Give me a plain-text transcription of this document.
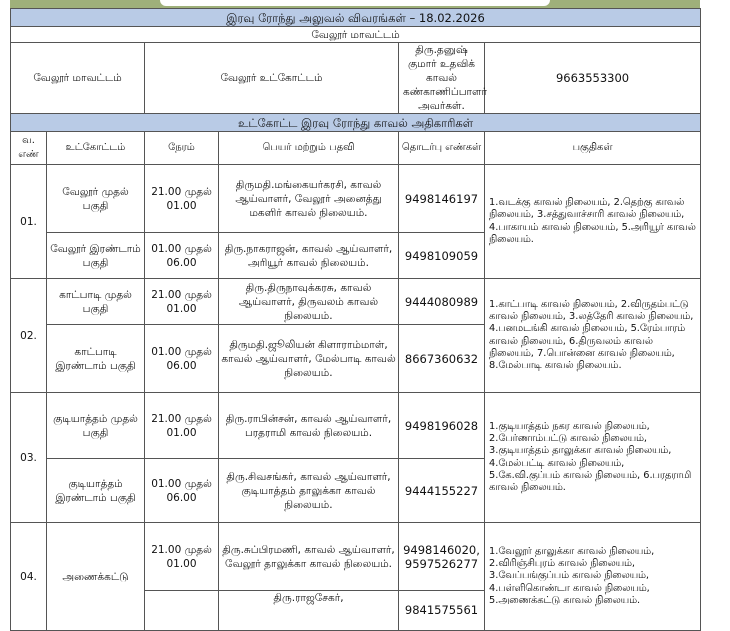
இரவு ரோந்து அலுவல் விவரங்கள் – 18.02.2026					
வேலூர் மாவட்டம்					
வேலூர் மாவட்டம்		வேலூர் உட்கோட்டம்		திரு.தனுஷ் குமார் உதவிக் காவல் கண்காணிப்பாளர் அவர்கள்.	9663553300
உட்கோட்ட இரவு ரோந்து காவல் அதிகாரிகள்					
வ. எண்	உட்கோட்டம்	நேரம்	பெயர் மற்றும் பதவி	தொடர்பு எண்கள்	பகுதிகள்
01.	வேலூர் முதல் பகுதி	21.00 முதல் 01.00	திருமதி.மங்கையர்கரசி, காவல் ஆய்வாளர், வேலூர் அனைத்து மகளிர் காவல் நிலையம்.	9498146197	1.வடக்கு காவல் நிலையம், 2.தெற்கு காவல் நிலையம், 3.சத்துவாச்சாரி காவல் நிலையம், 4.பாகாயம் காவல் நிலையம், 5.அரியூர் காவல் நிலையம்.
	வேலூர் இரண்டாம் பகுதி	01.00 முதல் 06.00	திரு.நாகராஜன், காவல் ஆய்வாளர், அரியூர் காவல் நிலையம்.	9498109059	
02.	காட்பாடி முதல் பகுதி	21.00 முதல் 01.00	திரு.திருநாவுக்கரசு, காவல் ஆய்வாளர், திருவலம் காவல் நிலையம்.	9444080989	1.காட்பாடி காவல் நிலையம், 2.விருதம்பட்டு காவல் நிலையம், 3.லத்தேரி காவல் நிலையம், 4.பனமடங்கி காவல் நிலையம், 5.ரேம்பாரம் காவல் நிலையம், 6.திருவலம் காவல் நிலையம், 7.பொன்னை காவல் நிலையம், 8.மேல்பாடி காவல் நிலையம்.
	காட்பாடி இரண்டாம் பகுதி	01.00 முதல் 06.00	திருமதி.ஜூலியன் கிளாராம்மாள், காவல் ஆய்வாளர், மேல்பாடி காவல் நிலையம்.	8667360632	
03.	குடியாத்தம் முதல் பகுதி	21.00 முதல் 01.00	திரு.ராபின்சன், காவல் ஆய்வாளர், பரதராமி காவல் நிலையம்.	9498196028	1.குடியாத்தம் நகர காவல் நிலையம், 2.பேர்ணாம்பட்டு காவல் நிலையம், 3.குடியாத்தம் தாலுக்கா காவல் நிலையம், 4.மேல்பட்டி காவல் நிலையம், 5.கே.வி.குப்பம் காவல் நிலையம், 6.பரதராமி காவல் நிலையம்.
	குடியாத்தம் இரண்டாம் பகுதி	01.00 முதல் 06.00	திரு.சிவசங்கர், காவல் ஆய்வாளர், குடியாத்தம் தாலுக்கா காவல் நிலையம்.	9444155227	
04.	அணைக்கட்டு	21.00 முதல் 01.00	திரு.சுப்பிரமணி, காவல் ஆய்வாளர், வேலூர் தாலுக்கா காவல் நிலையம்.	9498146020, 9597526277	1.வேலூர் தாலுக்கா காவல் நிலையம், 2.விரிஞ்சிபுரம் காவல் நிலையம், 3.வேப்பங்குப்பம் காவல் நிலையம், 4.பள்ளிகொண்டா காவல் நிலையம், 5.அணைக்கட்டு காவல் நிலையம்.
			திரு.ராஜசேகர்,	9841575561	
